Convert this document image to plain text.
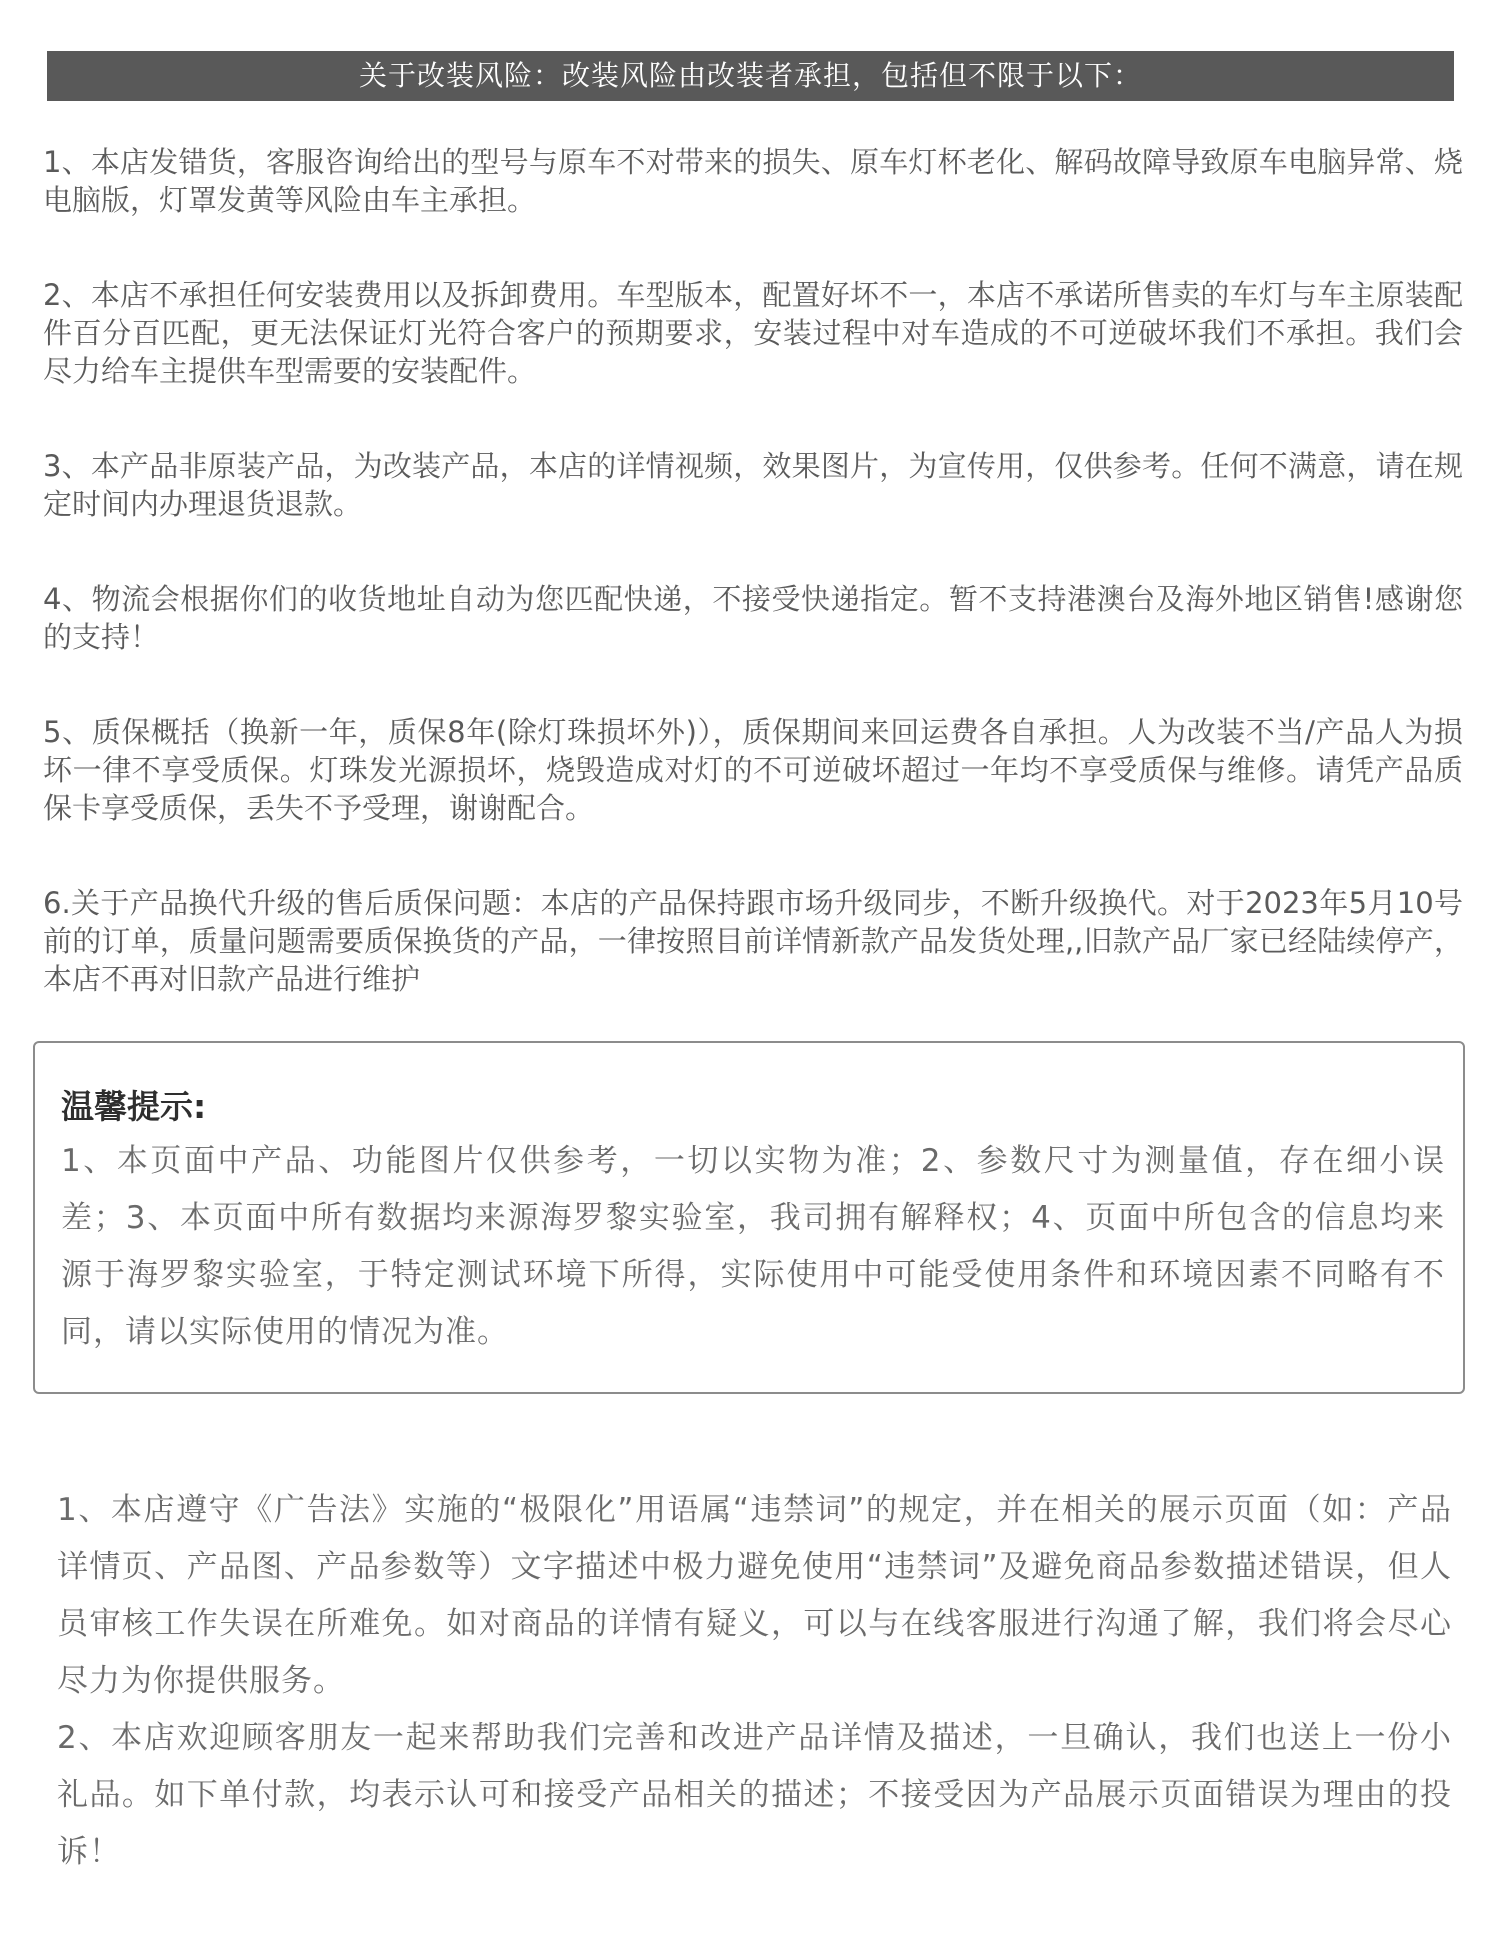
关于改装风险：改装风险由改装者承担，包括但不限于以下：

1、本店发错货，客服咨询给出的型号与原车不对带来的损失、原车灯杯老化、解码故障导致原车电脑异常、烧电脑版，灯罩发黄等风险由车主承担。

2、本店不承担任何安装费用以及拆卸费用。车型版本，配置好坏不一，本店不承诺所售卖的车灯与车主原装配件百分百匹配，更无法保证灯光符合客户的预期要求，安装过程中对车造成的不可逆破坏我们不承担。我们会尽力给车主提供车型需要的安装配件。

3、本产品非原装产品，为改装产品，本店的详情视频，效果图片，为宣传用，仅供参考。任何不满意，请在规定时间内办理退货退款。

4、物流会根据你们的收货地址自动为您匹配快递，不接受快递指定。暂不支持港澳台及海外地区销售!感谢您的支持！

5、质保概括（换新一年，质保8年(除灯珠损坏外)），质保期间来回运费各自承担。人为改装不当/产品人为损 坏一律不享受质保。灯珠发光源损坏，烧毁造成对灯的不可逆破坏超过一年均不享受质保与维修。请凭产品质保卡享受质保，丢失不予受理，谢谢配合。

6.关于产品换代升级的售后质保问题：本店的产品保持跟市场升级同步，不断升级换代。对于2023年5月10号前的订单，质量问题需要质保换货的产品，一律按照目前详情新款产品发货处理,,旧款产品厂家已经陆续停产，本店不再对旧款产品进行维护

温馨提示:
1、本页面中产品、功能图片仅供参考，一切以实物为准；2、参数尺寸为测量值，存在细小误差；3、本页面中所有数据均来源海罗黎实验室，我司拥有解释权；4、页面中所包含的信息均来源于海罗黎实验室，于特定测试环境下所得，实际使用中可能受使用条件和环境因素不同略有不同，请以实际使用的情况为准。

1、本店遵守《广告法》实施的“极限化”用语属“违禁词”的规定，并在相关的展示页面（如：产品详情页、产品图、产品参数等）文字描述中极力避免使用“违禁词”及避免商品参数描述错误，但人员审核工作失误在所难免。如对商品的详情有疑义，可以与在线客服进行沟通了解，我们将会尽心尽力为你提供服务。

2、本店欢迎顾客朋友一起来帮助我们完善和改进产品详情及描述，一旦确认，我们也送上一份小礼品。如下单付款，均表示认可和接受产品相关的描述；不接受因为产品展示页面错误为理由的投诉！
